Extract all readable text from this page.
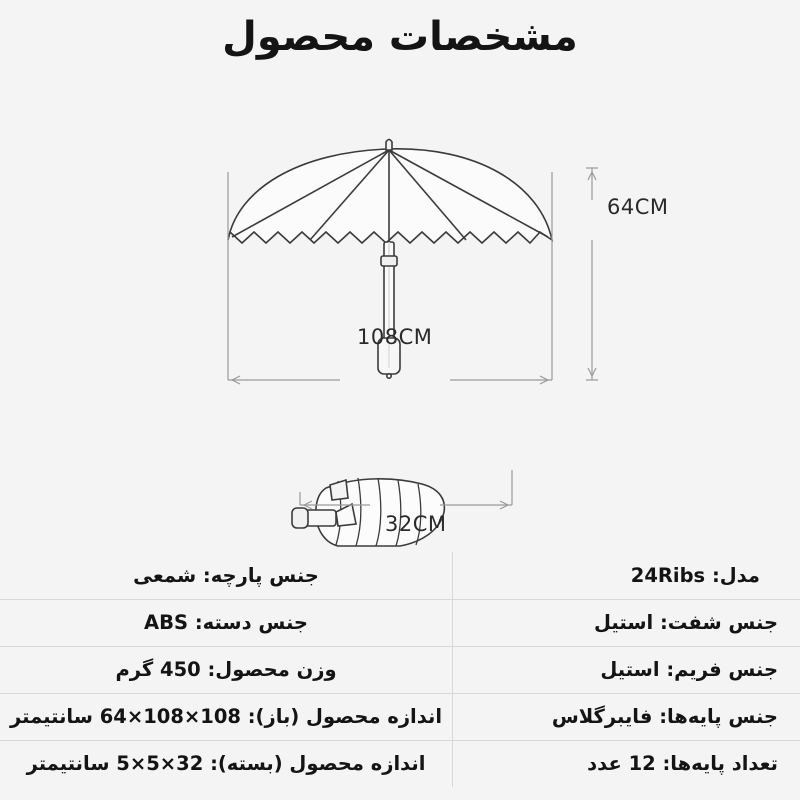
مشخصات محصول
64CM
108CM
32CM
مدل: 24Ribs	جنس پارچه: شمعی
جنس شفت: استیل	جنس دسته: ABS
جنس فریم: استیل	وزن محصول: 450 گرم
جنس پایه‌ها: فایبرگلاس	اندازه محصول (باز): 108×108×64 سانتیمتر
تعداد پایه‌ها: 12 عدد	اندازه محصول (بسته): 32×5×5 سانتیمتر
